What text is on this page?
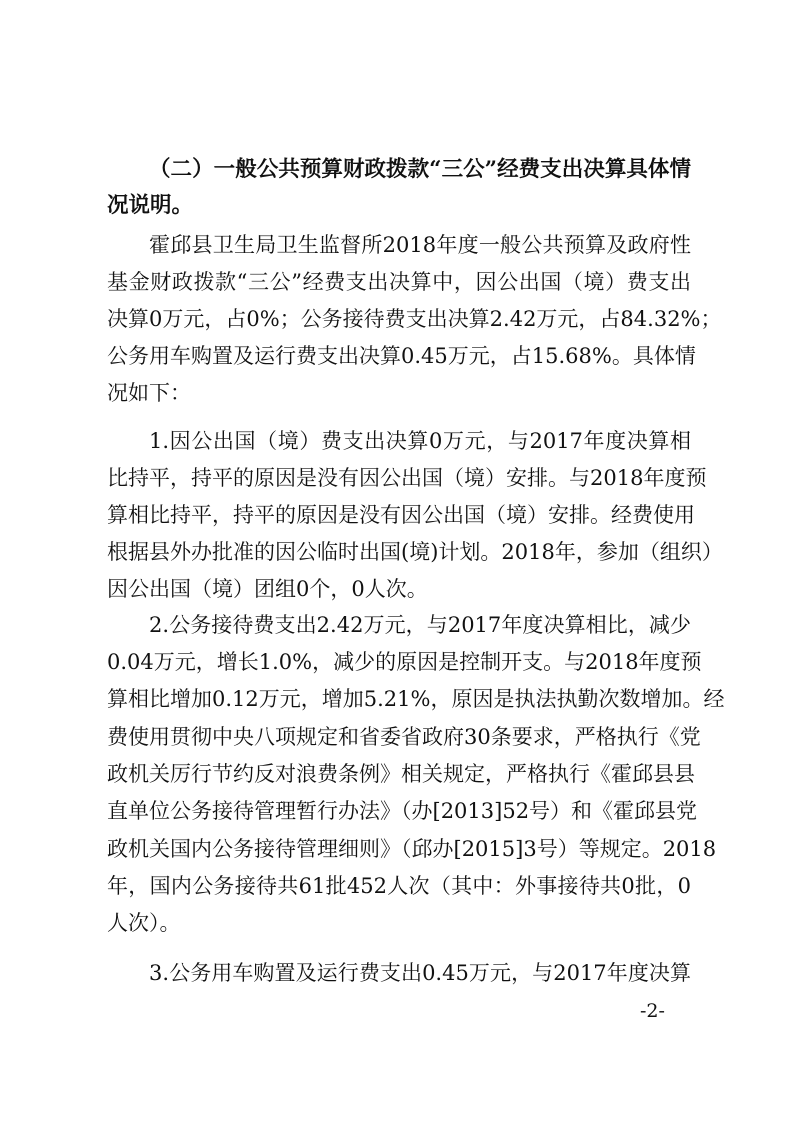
（二）一般公共预算财政拨款“三公”经费支出决算具体情
况说明。
霍邱县卫生局卫生监督所2018年度一般公共预算及政府性
基金财政拨款“三公”经费支出决算中，因公出国（境）费支出
决算0万元，占0%；公务接待费支出决算2.42万元，占84.32%；
公务用车购置及运行费支出决算0.45万元，占15.68%。具体情
况如下：
1.因公出国（境）费支出决算0万元，与2017年度决算相
比持平，持平的原因是没有因公出国（境）安排。与2018年度预
算相比持平，持平的原因是没有因公出国（境）安排。经费使用
根据县外办批准的因公临时出国(境)计划。2018年，参加（组织）
因公出国（境）团组0个，0人次。
2.公务接待费支出2.42万元，与2017年度决算相比，减少
0.04万元，增长1.0%，减少的原因是控制开支。与2018年度预
算相比增加0.12万元，增加5.21%，原因是执法执勤次数增加。经
费使用贯彻中央八项规定和省委省政府30条要求，严格执行《党
政机关厉行节约反对浪费条例》相关规定，严格执行《霍邱县县
直单位公务接待管理暂行办法》（办[2013]52号）和《霍邱县党
政机关国内公务接待管理细则》（邱办[2015]3号）等规定。2018
年，国内公务接待共61批452人次（其中：外事接待共0批，0
人次）。
3.公务用车购置及运行费支出0.45万元，与2017年度决算
-2-
